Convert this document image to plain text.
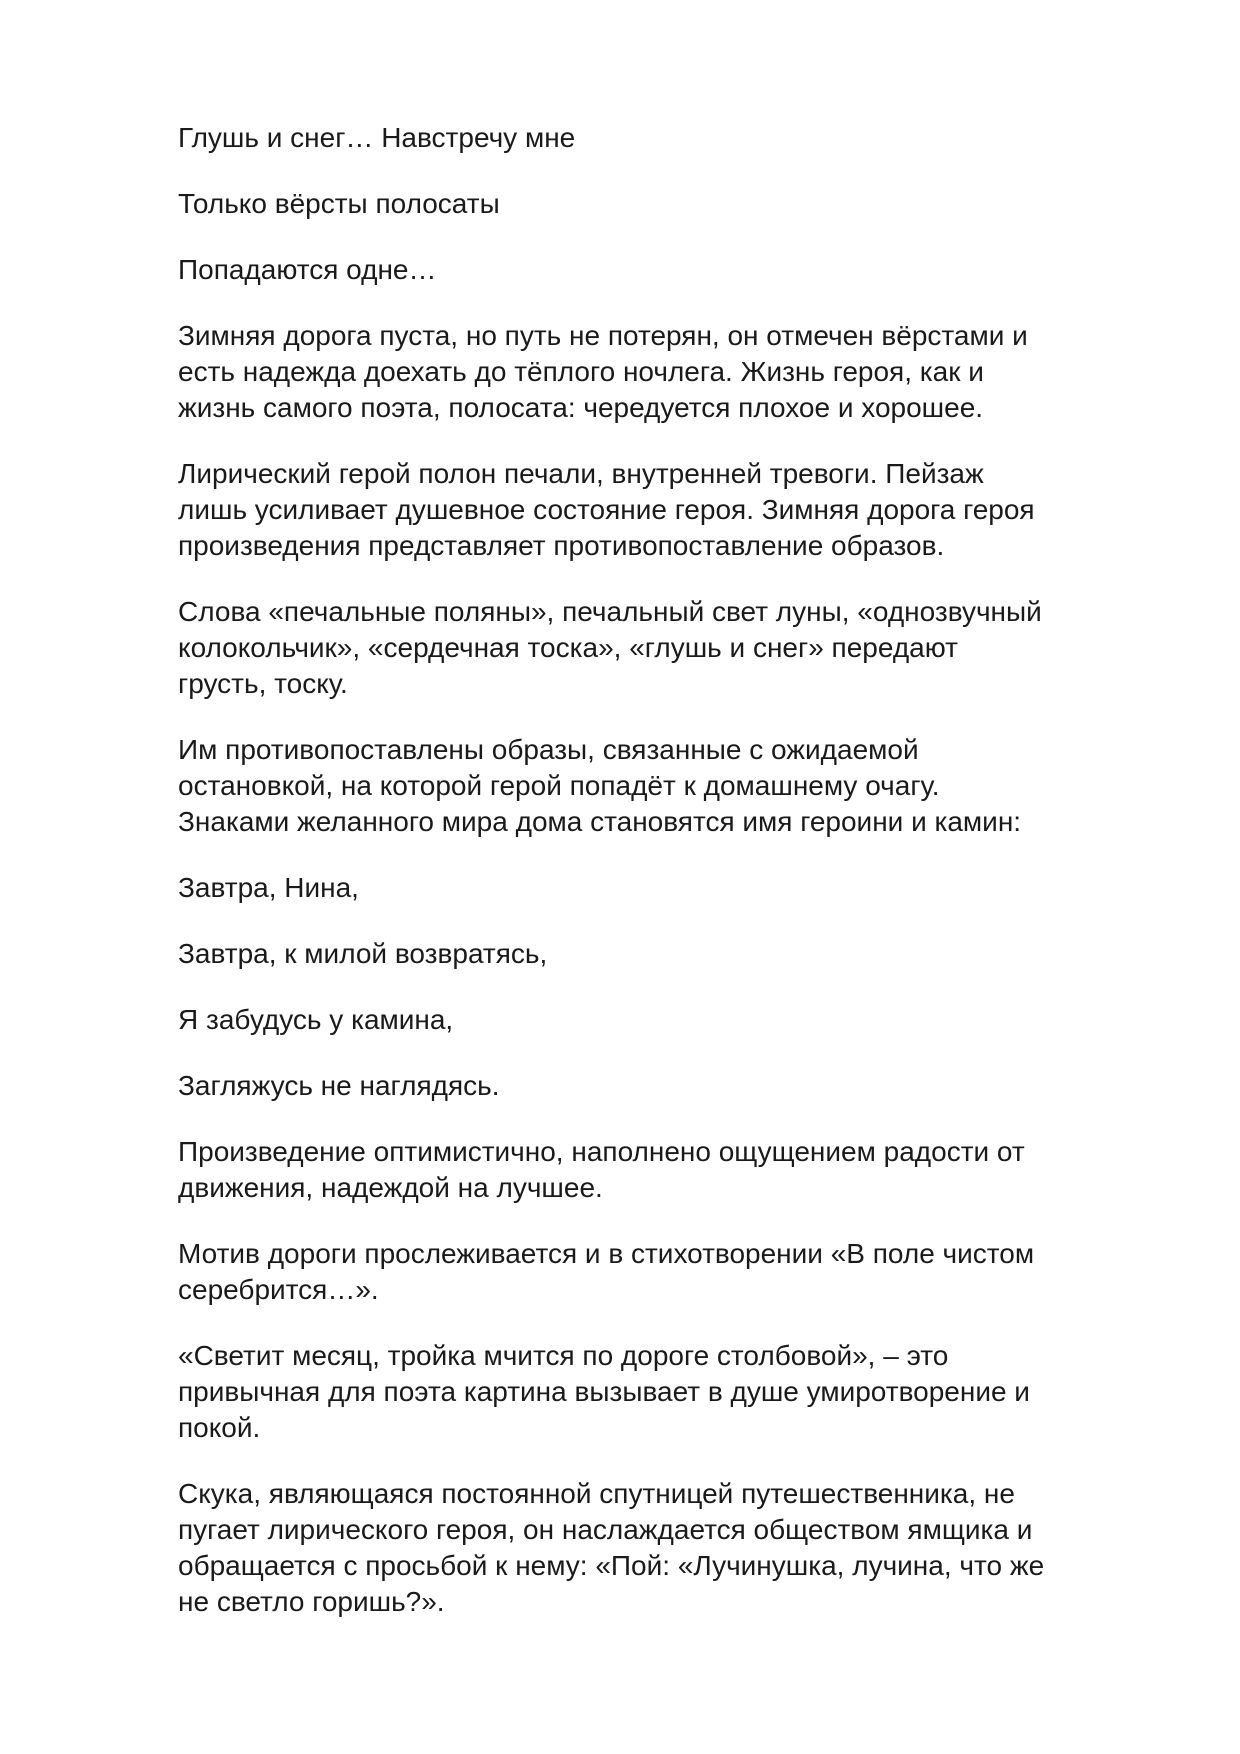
Глушь и снег… Навстречу мне

Только вёрсты полосаты

Попадаются одне…

Зимняя дорога пуста, но путь не потерян, он отмечен вёрстами и
есть надежда доехать до тёплого ночлега. Жизнь героя, как и
жизнь самого поэта, полосата: чередуется плохое и хорошее.

Лирический герой полон печали, внутренней тревоги. Пейзаж
лишь усиливает душевное состояние героя. Зимняя дорога героя
произведения представляет противопоставление образов.

Слова «печальные поляны», печальный свет луны, «однозвучный
колокольчик», «сердечная тоска», «глушь и снег» передают
грусть, тоску.

Им противопоставлены образы, связанные с ожидаемой
остановкой, на которой герой попадёт к домашнему очагу.
Знаками желанного мира дома становятся имя героини и камин:

Завтра, Нина,

Завтра, к милой возвратясь,

Я забудусь у камина,

Загляжусь не наглядясь.

Произведение оптимистично, наполнено ощущением радости от
движения, надеждой на лучшее.

Мотив дороги прослеживается и в стихотворении «В поле чистом
серебрится…».

«Светит месяц, тройка мчится по дороге столбовой», – это
привычная для поэта картина вызывает в душе умиротворение и
покой.

Скука, являющаяся постоянной спутницей путешественника, не
пугает лирического героя, он наслаждается обществом ямщика и
обращается с просьбой к нему: «Пой: «Лучинушка, лучина, что же
не светло горишь?».
